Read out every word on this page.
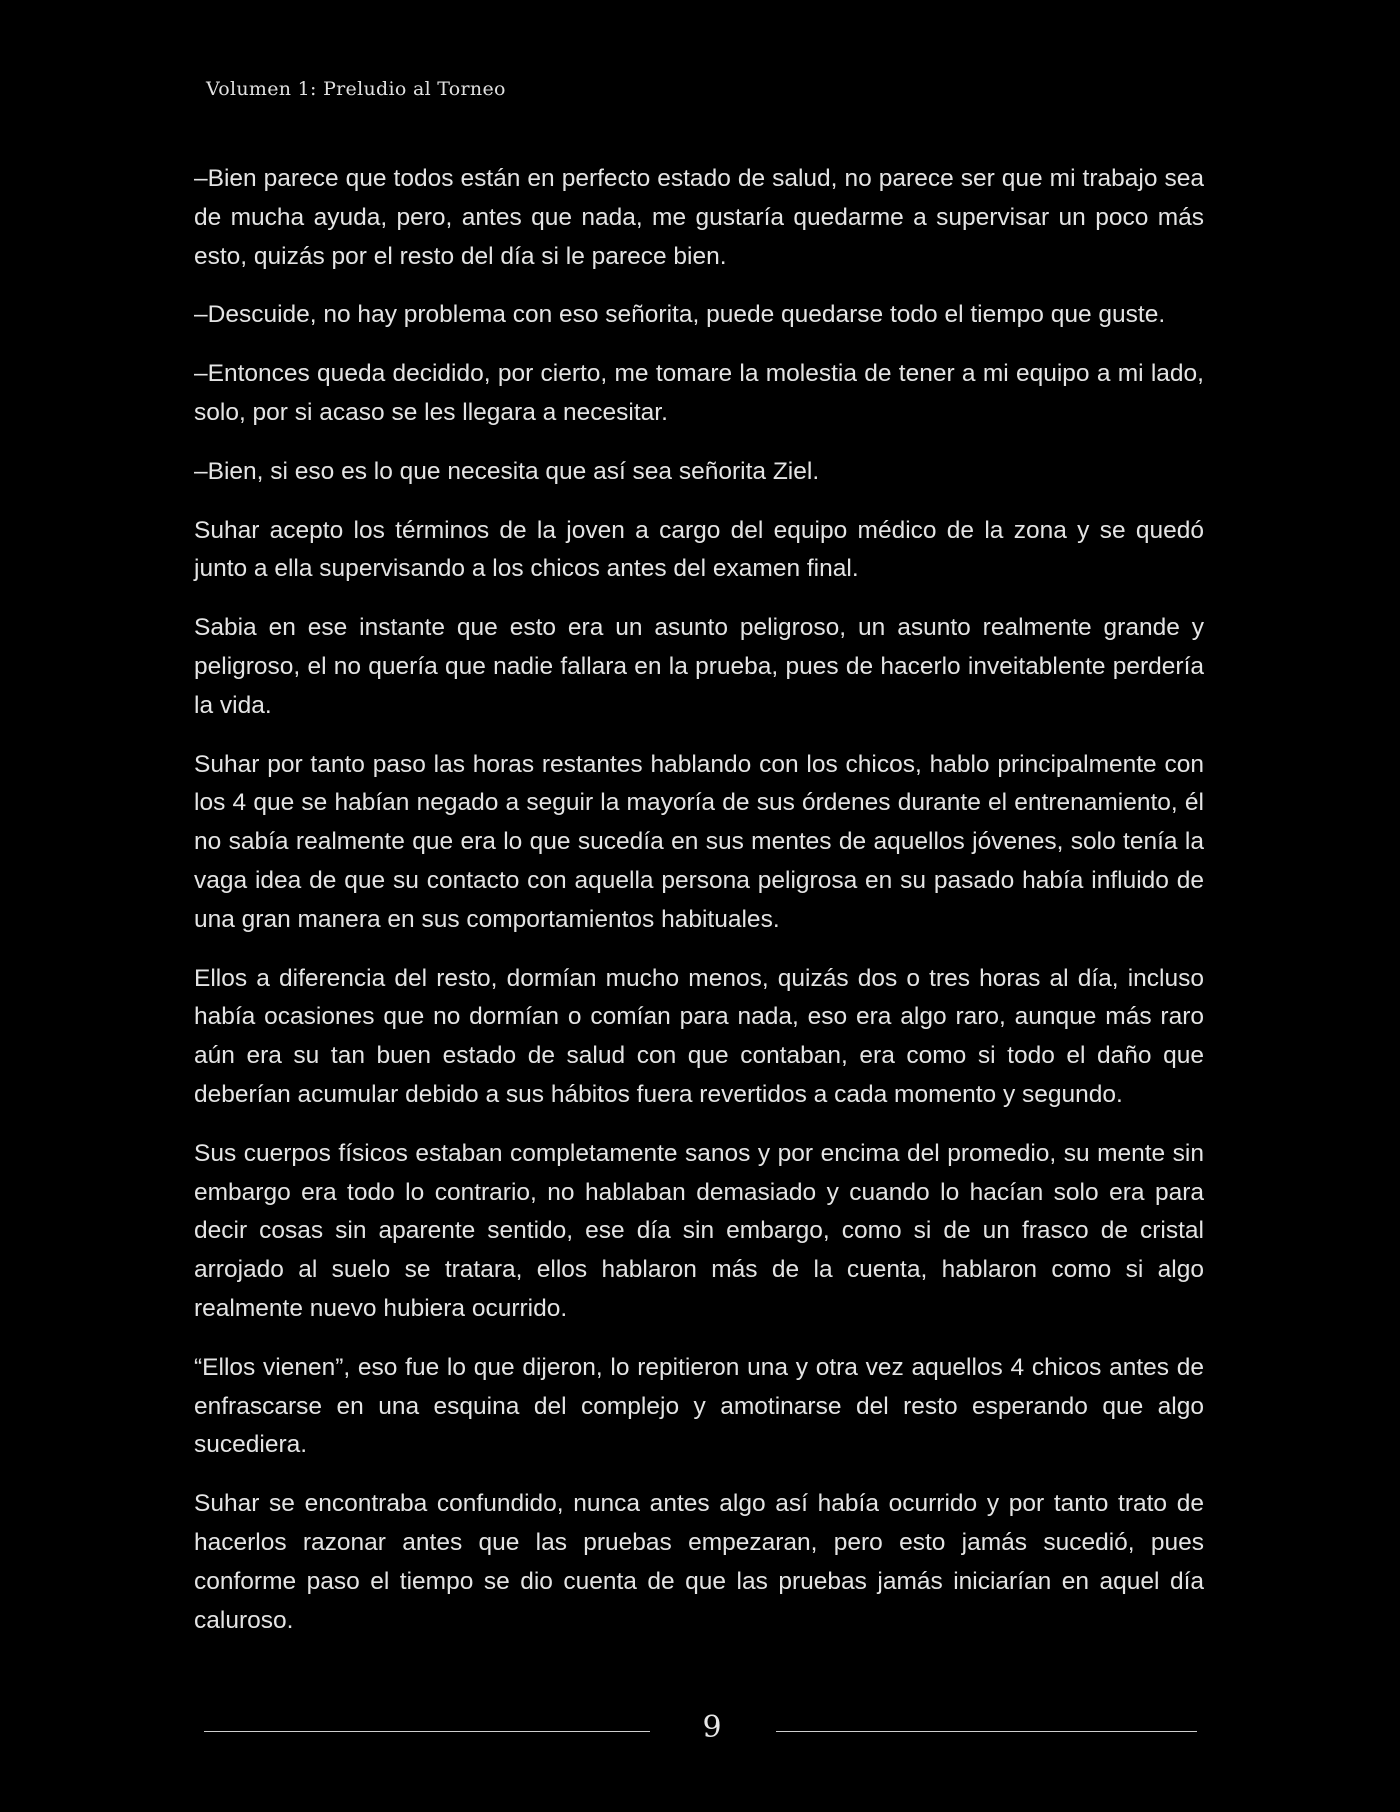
Volumen 1: Preludio al Torneo

–Bien parece que todos están en perfecto estado de salud, no parece ser que mi trabajo sea de mucha ayuda, pero, antes que nada, me gustaría quedarme a supervisar un poco más esto, quizás por el resto del día si le parece bien.

–Descuide, no hay problema con eso señorita, puede quedarse todo el tiempo que guste.

–Entonces queda decidido, por cierto, me tomare la molestia de tener a mi equipo a mi lado, solo, por si acaso se les llegara a necesitar.

–Bien, si eso es lo que necesita que así sea señorita Ziel.

Suhar acepto los términos de la joven a cargo del equipo médico de la zona y se quedó junto a ella supervisando a los chicos antes del examen final.

Sabia en ese instante que esto era un asunto peligroso, un asunto realmente grande y peligroso, el no quería que nadie fallara en la prueba, pues de hacerlo inveitablente perdería la vida.

Suhar por tanto paso las horas restantes hablando con los chicos, hablo principalmente con los 4 que se habían negado a seguir la mayoría de sus órdenes durante el entrenamiento, él no sabía realmente que era lo que sucedía en sus mentes de aquellos jóvenes, solo tenía la vaga idea de que su contacto con aquella persona peligrosa en su pasado había influido de una gran manera en sus comportamientos habituales.

Ellos a diferencia del resto, dormían mucho menos, quizás dos o tres horas al día, incluso había ocasiones que no dormían o comían para nada, eso era algo raro, aunque más raro aún era su tan buen estado de salud con que contaban, era como si todo el daño que deberían acumular debido a sus hábitos fuera revertidos a cada momento y segundo.

Sus cuerpos físicos estaban completamente sanos y por encima del promedio, su mente sin embargo era todo lo contrario, no hablaban demasiado y cuando lo hacían solo era para decir cosas sin aparente sentido, ese día sin embargo, como si de un frasco de cristal arrojado al suelo se tratara, ellos hablaron más de la cuenta, hablaron como si algo realmente nuevo hubiera ocurrido.

“Ellos vienen”, eso fue lo que dijeron, lo repitieron una y otra vez aquellos 4 chicos antes de enfrascarse en una esquina del complejo y amotinarse del resto esperando que algo sucediera.

Suhar se encontraba confundido, nunca antes algo así había ocurrido y por tanto trato de hacerlos razonar antes que las pruebas empezaran, pero esto jamás sucedió, pues conforme paso el tiempo se dio cuenta de que las pruebas jamás iniciarían en aquel día caluroso.

9
